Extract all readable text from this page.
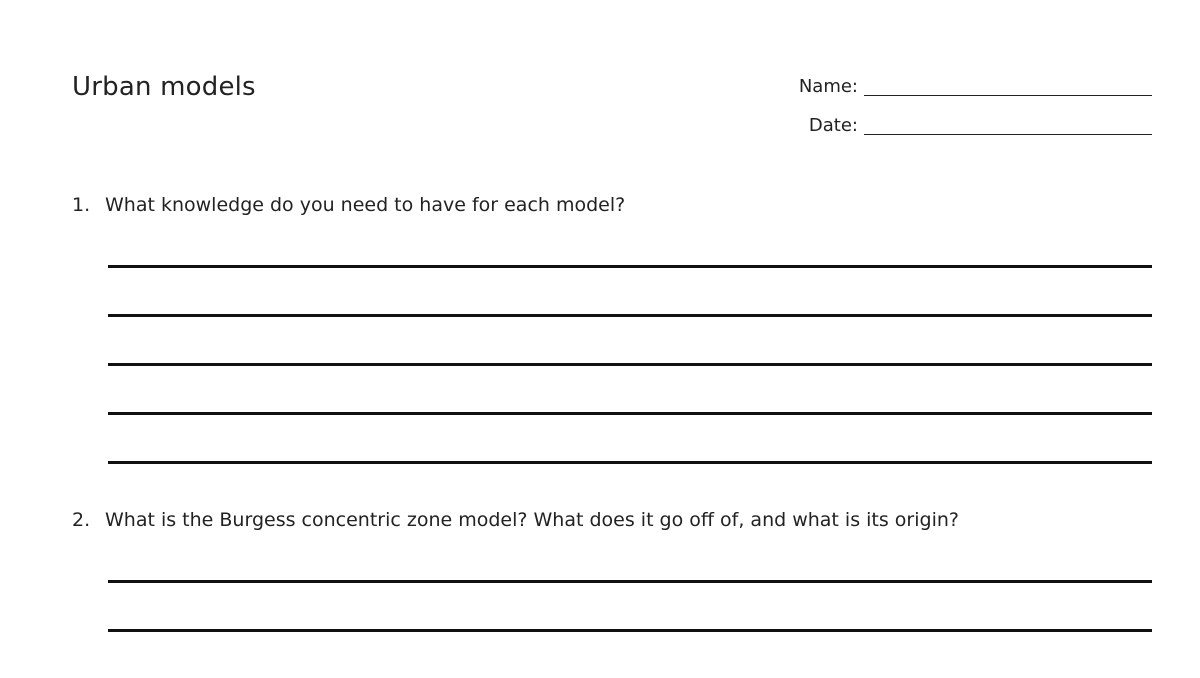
Urban models	Name:
Date:
1. What knowledge do you need to have for each model?
2. What is the Burgess concentric zone model? What does it go off of, and what is its origin?
